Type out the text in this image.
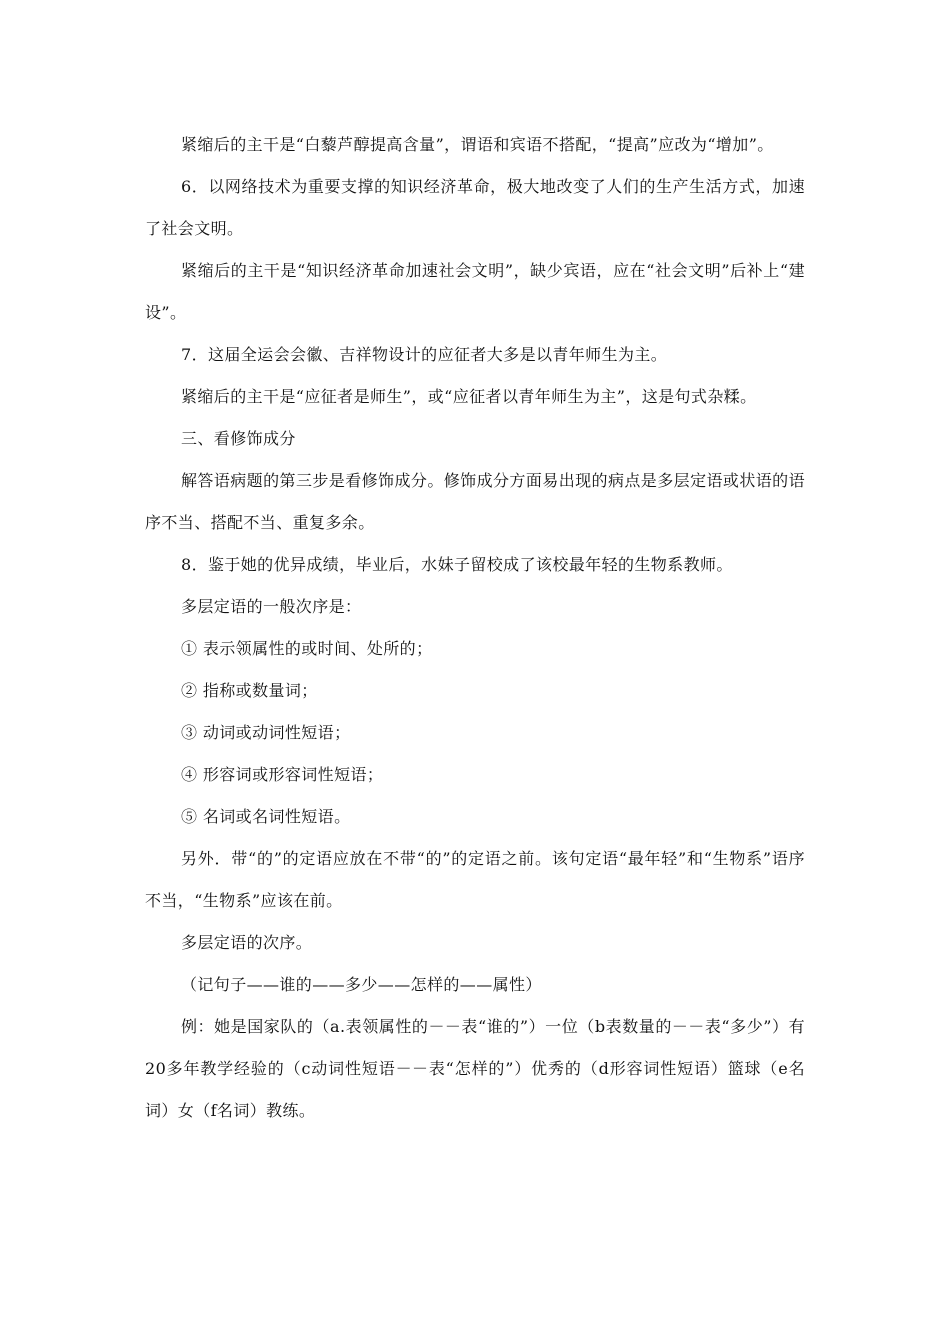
紧缩后的主干是“白藜芦醇提高含量”，谓语和宾语不搭配，“提高”应改为“增加”。

6．以网络技术为重要支撑的知识经济革命，极大地改变了人们的生产生活方式，加速了社会文明。

紧缩后的主干是“知识经济革命加速社会文明”，缺少宾语，应在“社会文明”后补上“建设”。

7．这届全运会会徽、吉祥物设计的应征者大多是以青年师生为主。

紧缩后的主干是“应征者是师生”，或“应征者以青年师生为主”，这是句式杂糅。

三、看修饰成分

解答语病题的第三步是看修饰成分。修饰成分方面易出现的病点是多层定语或状语的语序不当、搭配不当、重复多余。

8．鉴于她的优异成绩，毕业后，水妹子留校成了该校最年轻的生物系教师。

多层定语的一般次序是：

① 表示领属性的或时间、处所的；

② 指称或数量词；

③ 动词或动词性短语；

④ 形容词或形容词性短语；

⑤ 名词或名词性短语。

另外．带“的”的定语应放在不带“的”的定语之前。该句定语“最年轻”和“生物系”语序不当，“生物系”应该在前。

多层定语的次序。

（记句子——谁的——多少——怎样的——属性）

例：她是国家队的（a.表领属性的－－表“谁的”）一位（b表数量的－－表“多少”）有20多年教学经验的（c动词性短语－－表“怎样的”）优秀的（d形容词性短语）篮球（e名词）女（f名词）教练。
